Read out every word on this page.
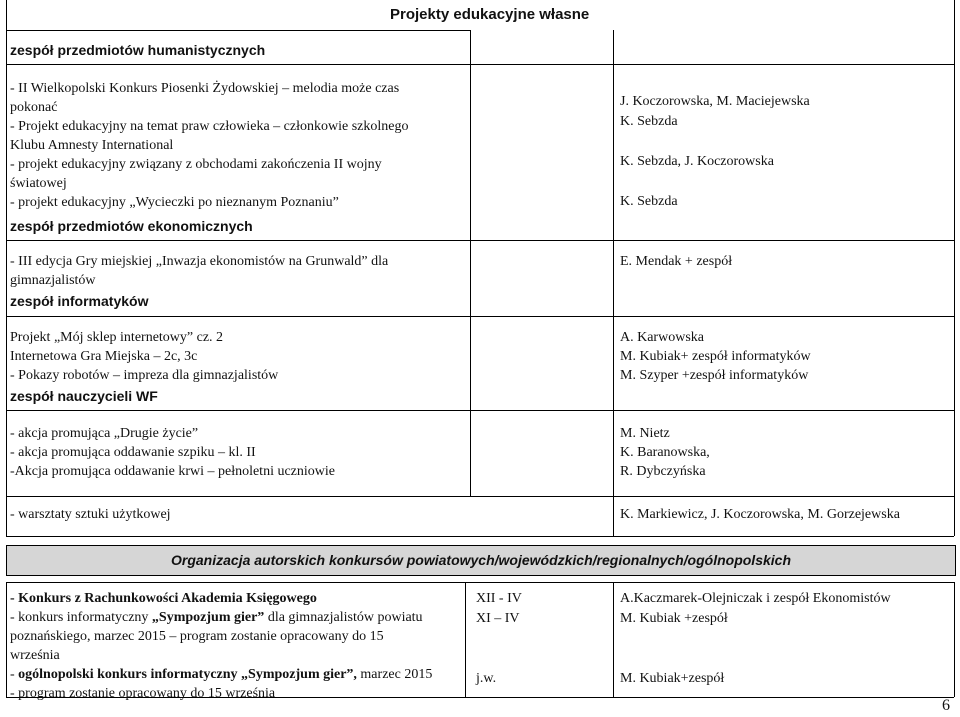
Projekty edukacyjne własne
zespół przedmiotów humanistycznych
- II Wielkopolski Konkurs Piosenki Żydowskiej – melodia może czas
pokonać
- Projekt edukacyjny na temat praw człowieka – członkowie szkolnego
Klubu Amnesty International
- projekt edukacyjny związany z obchodami zakończenia II wojny
światowej
- projekt edukacyjny „Wycieczki po nieznanym Poznaniu”
J. Koczorowska, M. Maciejewska
K. Sebzda
K. Sebzda, J. Koczorowska
K. Sebzda
zespół przedmiotów ekonomicznych
- III edycja Gry miejskiej „Inwazja ekonomistów na Grunwald” dla
gimnazjalistów
E. Mendak + zespół
zespół informatyków
Projekt „Mój sklep internetowy” cz. 2
Internetowa Gra Miejska – 2c, 3c
- Pokazy robotów – impreza dla gimnazjalistów
A. Karwowska
M. Kubiak+ zespół informatyków
M. Szyper +zespół informatyków
zespół nauczycieli WF
- akcja promująca „Drugie życie”
- akcja promująca oddawanie szpiku – kl. II
-Akcja promująca oddawanie krwi – pełnoletni uczniowie
M. Nietz
K. Baranowska,
R. Dybczyńska
- warsztaty sztuki użytkowej	K. Markiewicz, J. Koczorowska, M. Gorzejewska
Organizacja autorskich konkursów powiatowych/wojewódzkich/regionalnych/ogólnopolskich
- Konkurs z Rachunkowości Akademia Księgowego
- konkurs informatyczny „Sympozjum gier” dla gimnazjalistów powiatu
poznańskiego, marzec 2015 – program zostanie opracowany do 15
września
- ogólnopolski konkurs informatyczny „Sympozjum gier”, marzec 2015
- program zostanie opracowany do 15 września
XII - IV
XI – IV
j.w.
A.Kaczmarek-Olejniczak i zespół Ekonomistów
M. Kubiak +zespół
M. Kubiak+zespół
6
